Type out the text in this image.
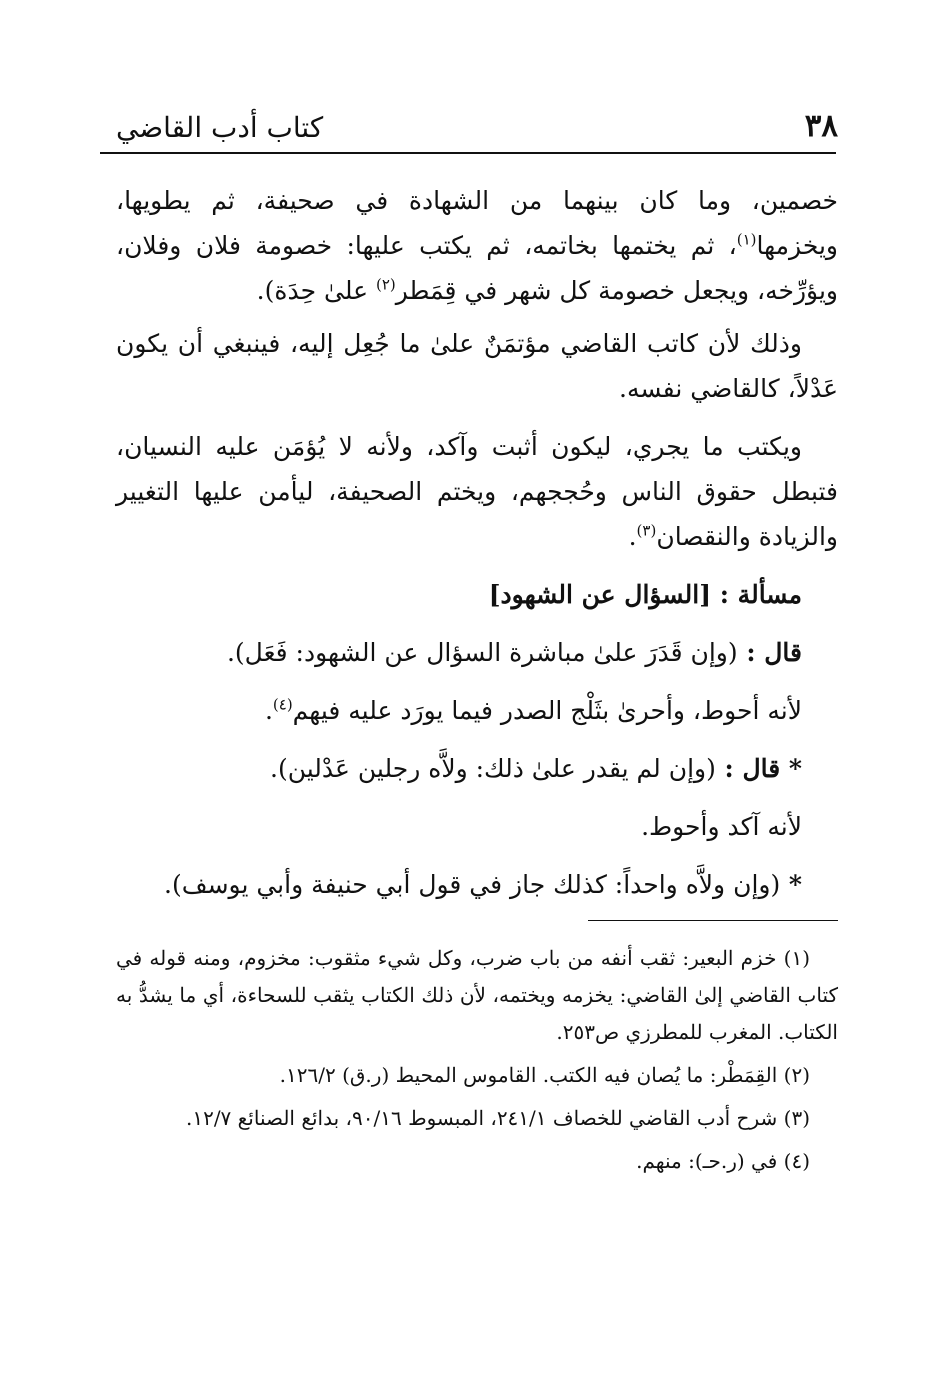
٣٨
كتاب أدب القاضي

خصمين، وما كان بينهما من الشهادة في صحيفة، ثم يطويها، ويخزمها$^{(١)}$، ثم يختمها بخاتمه، ثم يكتب عليها: خصومة فلان وفلان، ويؤرِّخه، ويجعل خصومة كل شهر في قِمَطر$^{(٢)}$ علىٰ حِدَة).

وذلك لأن كاتب القاضي مؤتمَنٌ علىٰ ما جُعِل إليه، فينبغي أن يكون عَدْلاً، كالقاضي نفسه.

ويكتب ما يجري، ليكون أثبت وآكد، ولأنه لا يُؤمَن عليه النسيان، فتبطل حقوق الناس وحُججهم، ويختم الصحيفة، ليأمن عليها التغيير والزيادة والنقصان$^{(٣)}$.

مسألة : [السؤال عن الشهود]

قال : (وإن قَدَرَ علىٰ مباشرة السؤال عن الشهود: فَعَل).

لأنه أحوط، وأحرىٰ بثَلْج الصدر فيما يورَد عليه فيهم$^{(٤)}$.

* قال : (وإن لم يقدر علىٰ ذلك: ولاَّه رجلين عَدْلين).

لأنه آكد وأحوط.

* (وإن ولاَّه واحداً: كذلك جاز في قول أبي حنيفة وأبي يوسف).

(١) خزم البعير: ثقب أنفه من باب ضرب، وكل شيء مثقوب: مخزوم، ومنه قوله في كتاب القاضي إلىٰ القاضي: يخزمه ويختمه، لأن ذلك الكتاب يثقب للسحاءة، أي ما يشدُّ به الكتاب. المغرب للمطرزي ص٢٥٣.

(٢) القِمَطْر: ما يُصان فيه الكتب. القاموس المحيط (ر.ق) ١٢٦/٢.

(٣) شرح أدب القاضي للخصاف ٢٤١/١، المبسوط ٩٠/١٦، بدائع الصنائع ١٢/٧.

(٤) في (ر.حـ): منهم.
